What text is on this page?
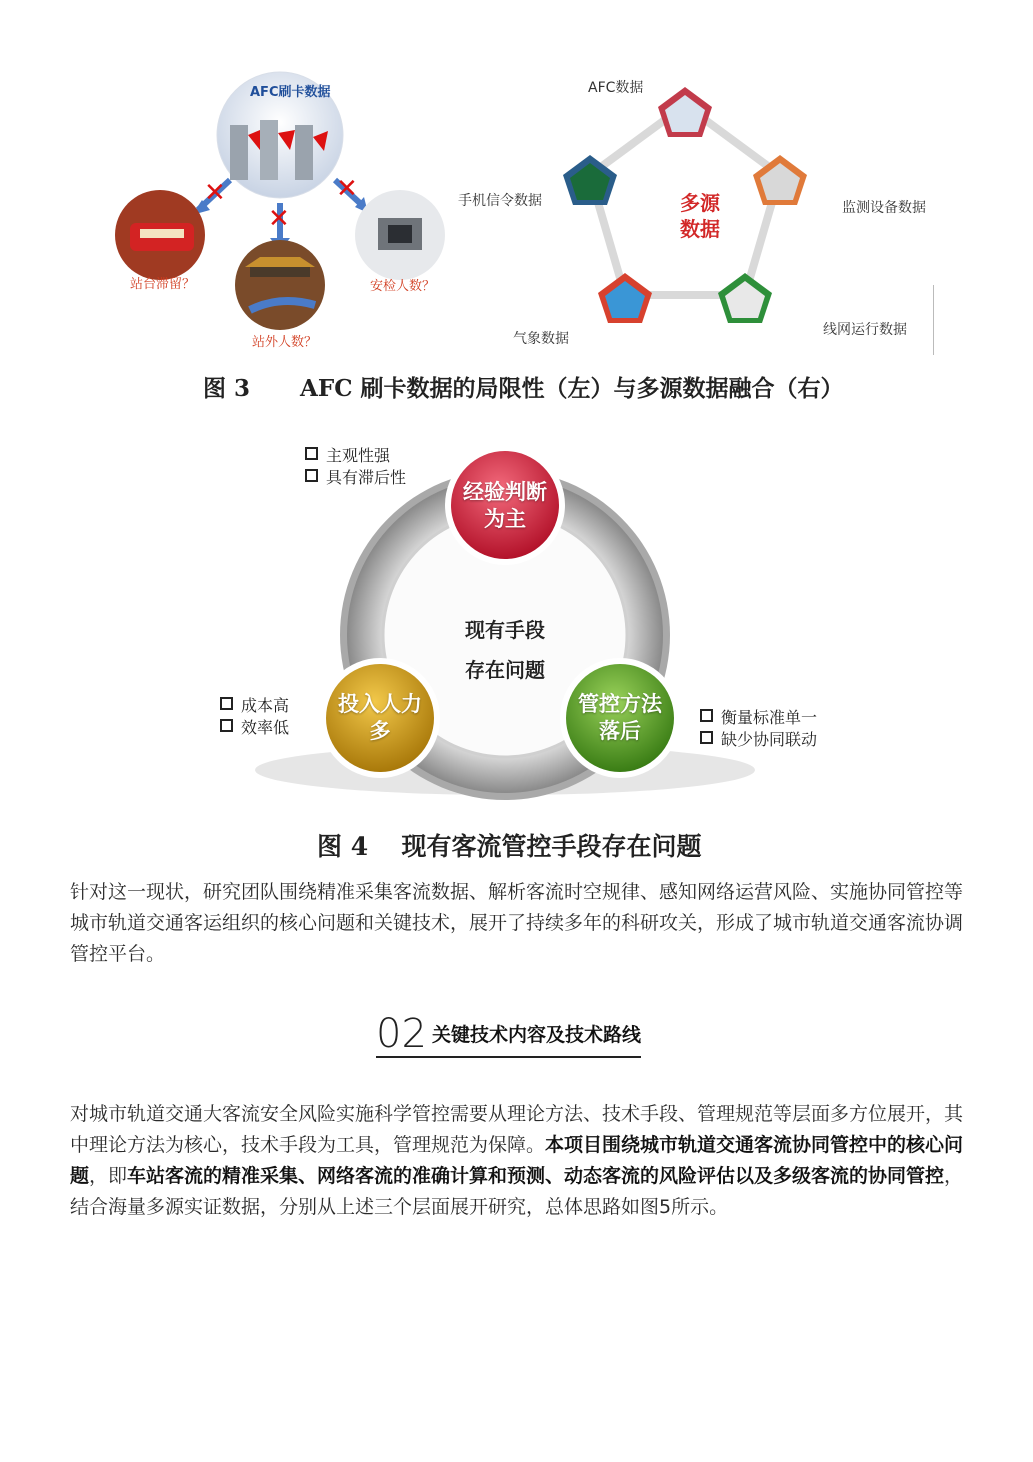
✕
✕
✕
AFC刷卡数据
站台滞留？
站外人数？
安检人数？
多源
数据
AFC数据
手机信令数据	监测设备数据
气象数据
线网运行数据
图 3 AFC 刷卡数据的局限性（左）与多源数据融合（右）
现有手段
存在问题
经验判断
为主
投入人力
多
管控方法
落后
主观性强
具有滞后性
成本高
效率低
衡量标准单一
缺少协同联动
图 4 现有客流管控手段存在问题
针对这一现状，研究团队围绕精准采集客流数据、解析客流时空规律、感知网络运营风险、实施协同管控等城市轨道交通客运组织的核心问题和关键技术，展开了持续多年的科研攻关，形成了城市轨道交通客流协调管控平台。
02 关键技术内容及技术路线
对城市轨道交通大客流安全风险实施科学管控需要从理论方法、技术手段、管理规范等层面多方位展开，其中理论方法为核心，技术手段为工具，管理规范为保障。本项目围绕城市轨道交通客流协同管控中的核心问题，即车站客流的精准采集、网络客流的准确计算和预测、动态客流的风险评估以及多级客流的协同管控，结合海量多源实证数据，分别从上述三个层面展开研究，总体思路如图5所示。
